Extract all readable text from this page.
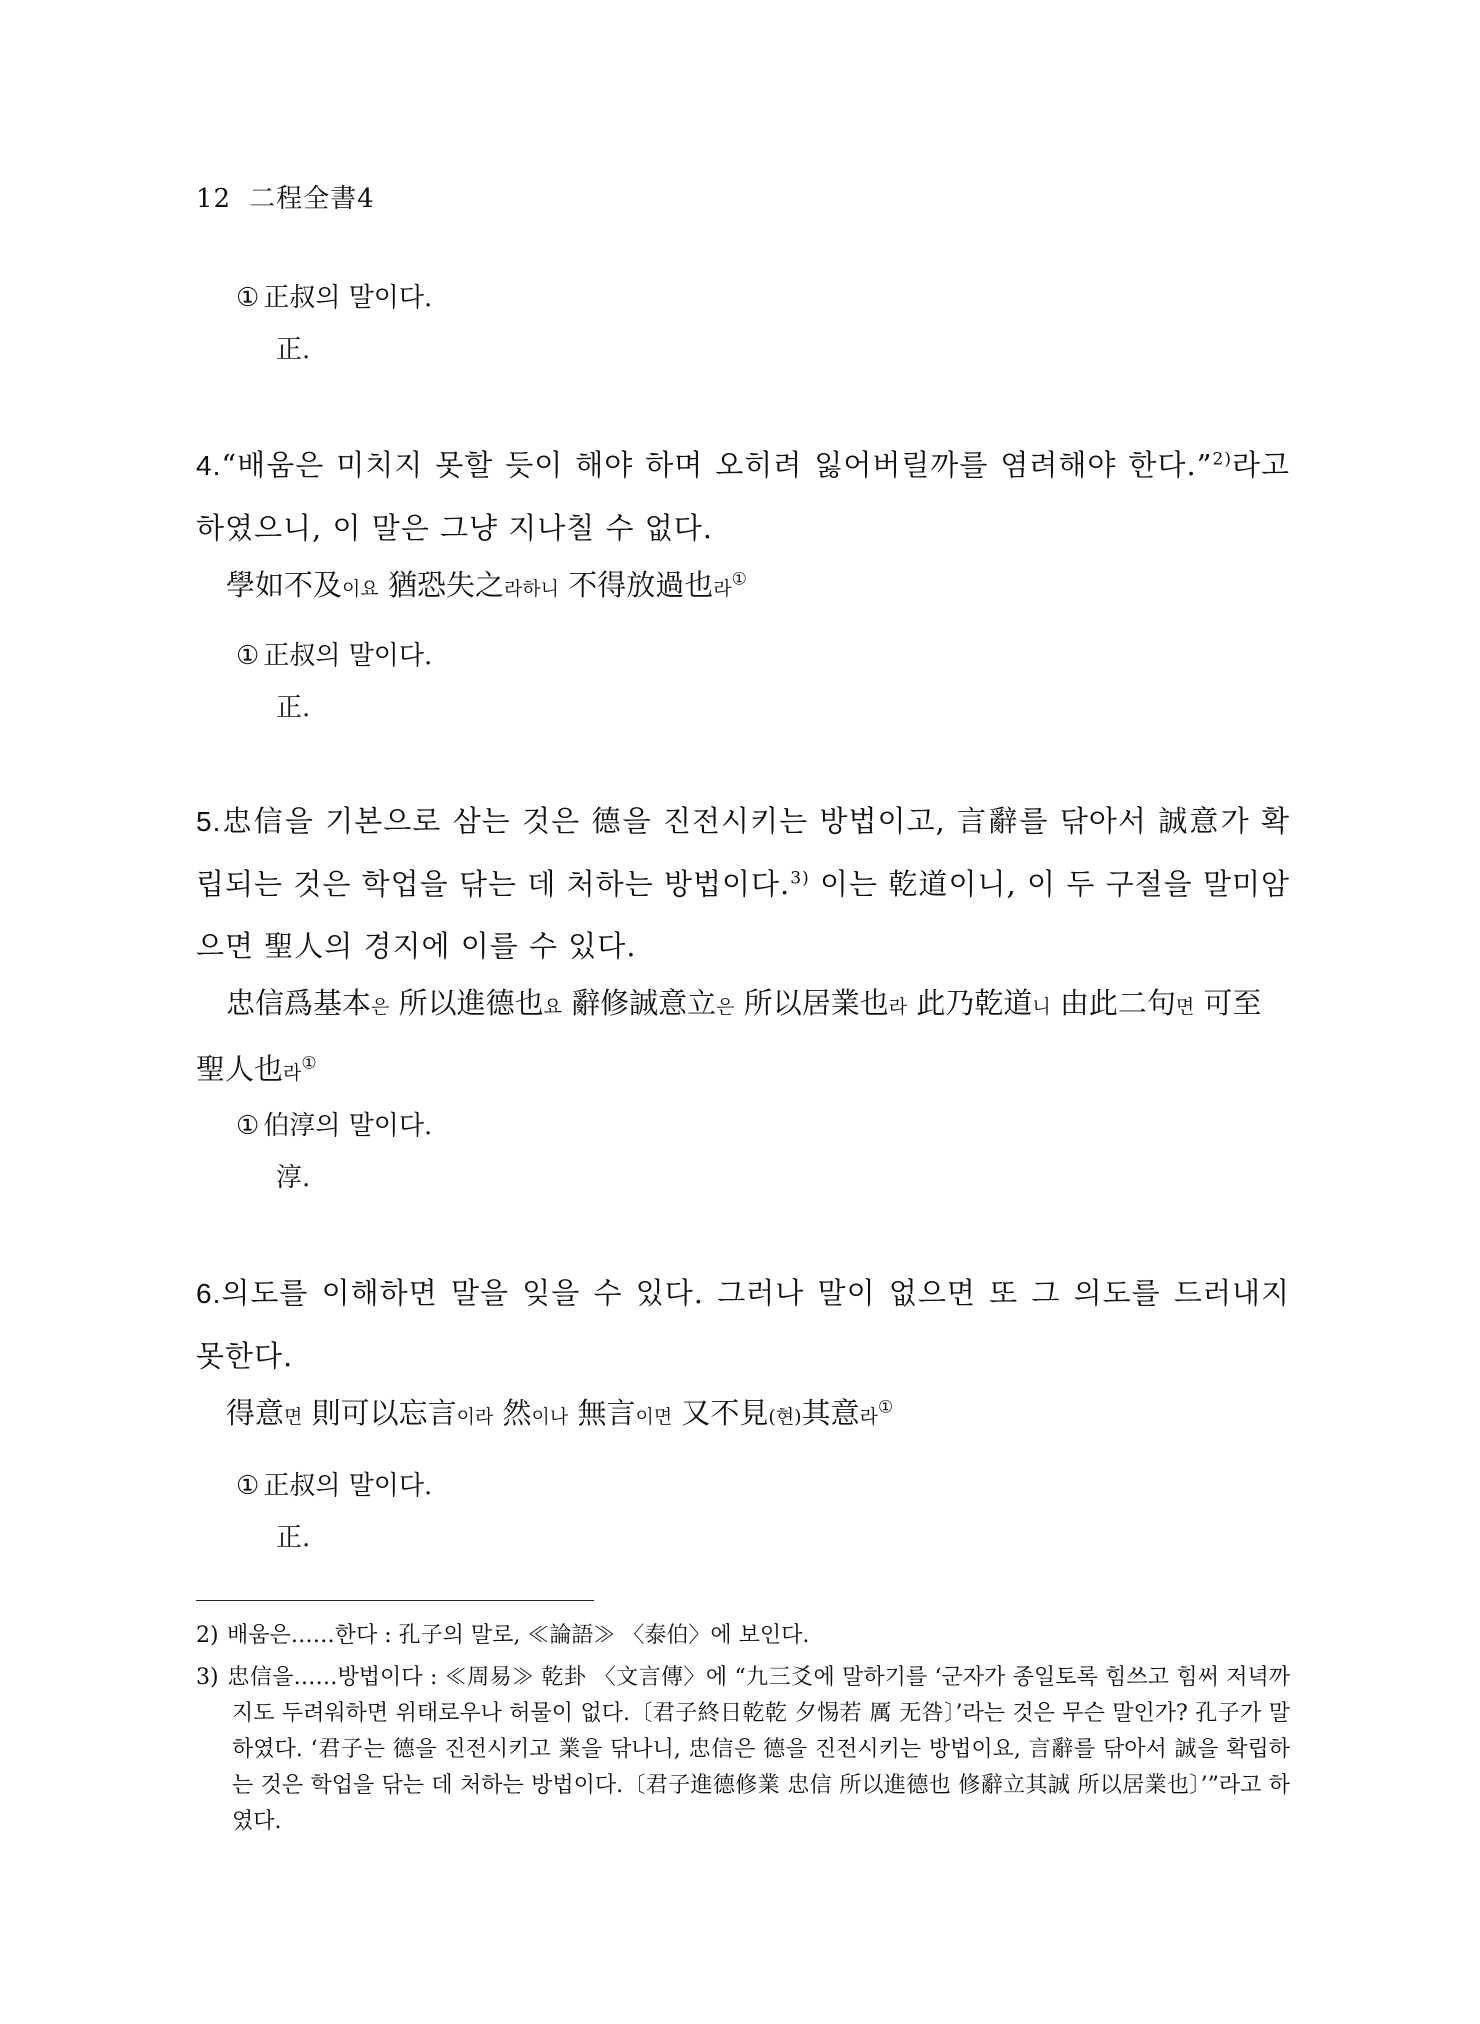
12 二程全書4
① 正叔의 말이다.
正.
4.“배움은 미치지 못할 듯이 해야 하며 오히려 잃어버릴까를 염려해야 한다.”$^{2)}$라고 하였으니, 이 말은 그냥 지나칠 수 없다.
學如不及이요 猶恐失之라하니 不得放過也라①
① 正叔의 말이다.
正.
5.忠信을 기본으로 삼는 것은 德을 진전시키는 방법이고, 言辭를 닦아서 誠意가 확립되는 것은 학업을 닦는 데 처하는 방법이다.$^{3)}$ 이는 乾道이니, 이 두 구절을 말미암으면 聖人의 경지에 이를 수 있다.
忠信爲基本은 所以進德也요 辭修誠意立은 所以居業也라 此乃乾道니 由此二句면 可至聖人也라①
① 伯淳의 말이다.
淳.
6.의도를 이해하면 말을 잊을 수 있다. 그러나 말이 없으면 또 그 의도를 드러내지 못한다.
得意면 則可以忘言이라 然이나 無言이면 又不見(현)其意라①
① 正叔의 말이다.
正.
2) 배움은……한다 : 孔子의 말로, ≪論語≫ 〈泰伯〉에 보인다.
3) 忠信을……방법이다 : ≪周易≫ 乾卦 〈文言傳〉에 “九三爻에 말하기를 ‘군자가 종일토록 힘쓰고 힘써 저녁까지도 두려워하면 위태로우나 허물이 없다.〔君子終日乾乾 夕惕若 厲 无咎〕’라는 것은 무슨 말인가? 孔子가 말하였다. ‘君子는 德을 진전시키고 業을 닦나니, 忠信은 德을 진전시키는 방법이요, 言辭를 닦아서 誠을 확립하는 것은 학업을 닦는 데 처하는 방법이다.〔君子進德修業 忠信 所以進德也 修辭立其誠 所以居業也〕’”라고 하였다.
